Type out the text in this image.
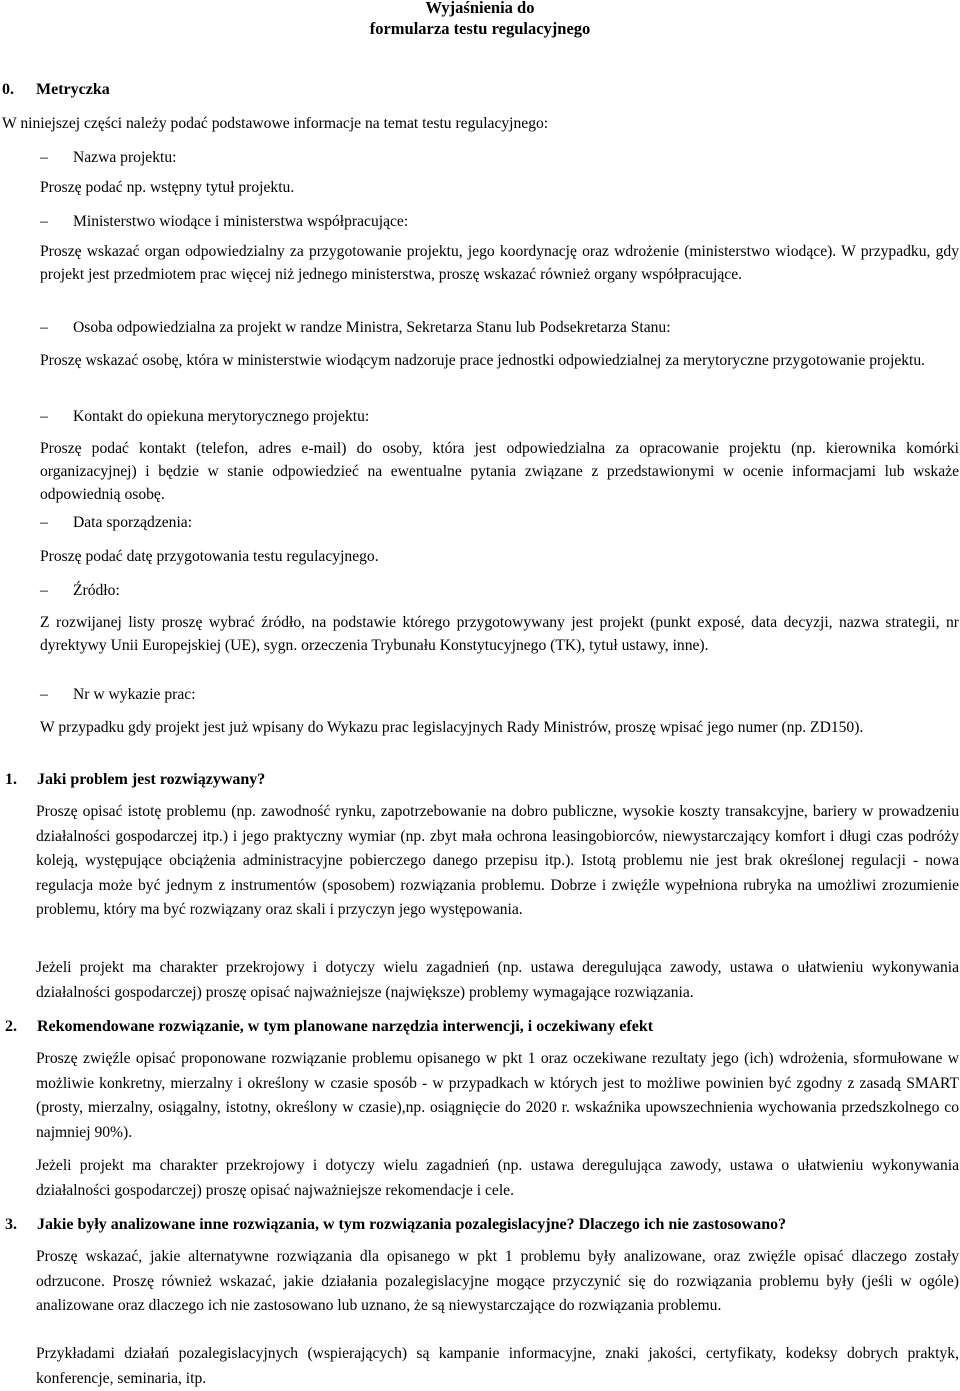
Wyjaśnienia do
formularza testu regulacyjnego
0. Metryczka

W niniejszej części należy podać podstawowe informacje na temat testu regulacyjnego:

– Nazwa projektu:

Proszę podać np. wstępny tytuł projektu.

– Ministerstwo wiodące i ministerstwa współpracujące:

Proszę wskazać organ odpowiedzialny za przygotowanie projektu, jego koordynację oraz wdrożenie (ministerstwo wiodące). W przypadku, gdy projekt jest przedmiotem prac więcej niż jednego ministerstwa, proszę wskazać również organy współpracujące.

– Osoba odpowiedzialna za projekt w randze Ministra, Sekretarza Stanu lub Podsekretarza Stanu:

Proszę wskazać osobę, która w ministerstwie wiodącym nadzoruje prace jednostki odpowiedzialnej za merytoryczne przygotowanie projektu.

– Kontakt do opiekuna merytorycznego projektu:

Proszę podać kontakt (telefon, adres e-mail) do osoby, która jest odpowiedzialna za opracowanie projektu (np. kierownika komórki organizacyjnej) i będzie w stanie odpowiedzieć na ewentualne pytania związane z przedstawionymi w ocenie informacjami lub wskaże odpowiednią osobę.

– Data sporządzenia:

Proszę podać datę przygotowania testu regulacyjnego.

– Źródło:

Z rozwijanej listy proszę wybrać źródło, na podstawie którego przygotowywany jest projekt (punkt exposé, data decyzji, nazwa strategii, nr dyrektywy Unii Europejskiej (UE), sygn. orzeczenia Trybunału Konstytucyjnego (TK), tytuł ustawy, inne).

– Nr w wykazie prac:

W przypadku gdy projekt jest już wpisany do Wykazu prac legislacyjnych Rady Ministrów, proszę wpisać jego numer (np. ZD150).

1. Jaki problem jest rozwiązywany?

Proszę opisać istotę problemu (np. zawodność rynku, zapotrzebowanie na dobro publiczne, wysokie koszty transakcyjne, bariery w prowadzeniu działalności gospodarczej itp.) i jego praktyczny wymiar (np. zbyt mała ochrona leasingobiorców, niewystarczający komfort i długi czas podróży koleją, występujące obciążenia administracyjne pobierczego danego przepisu itp.). Istotą problemu nie jest brak określonej regulacji - nowa regulacja może być jednym z instrumentów (sposobem) rozwiązania problemu. Dobrze i zwięźle wypełniona rubryka na umożliwi zrozumienie problemu, który ma być rozwiązany oraz skali i przyczyn jego występowania.

Jeżeli projekt ma charakter przekrojowy i dotyczy wielu zagadnień (np. ustawa deregulująca zawody, ustawa o ułatwieniu wykonywania działalności gospodarczej) proszę opisać najważniejsze (największe) problemy wymagające rozwiązania.

2. Rekomendowane rozwiązanie, w tym planowane narzędzia interwencji, i oczekiwany efekt

Proszę zwięźle opisać proponowane rozwiązanie problemu opisanego w pkt 1 oraz oczekiwane rezultaty jego (ich) wdrożenia, sformułowane w możliwie konkretny, mierzalny i określony w czasie sposób - w przypadkach w których jest to możliwe powinien być zgodny z zasadą SMART (prosty, mierzalny, osiągalny, istotny, określony w czasie),np. osiągnięcie do 2020 r. wskaźnika upowszechnienia wychowania przedszkolnego co najmniej 90%).

Jeżeli projekt ma charakter przekrojowy i dotyczy wielu zagadnień (np. ustawa deregulująca zawody, ustawa o ułatwieniu wykonywania działalności gospodarczej) proszę opisać najważniejsze rekomendacje i cele.

3. Jakie były analizowane inne rozwiązania, w tym rozwiązania pozalegislacyjne? Dlaczego ich nie zastosowano?

Proszę wskazać, jakie alternatywne rozwiązania dla opisanego w pkt 1 problemu były analizowane, oraz zwięźle opisać dlaczego zostały odrzucone. Proszę również wskazać, jakie działania pozalegislacyjne mogące przyczynić się do rozwiązania problemu były (jeśli w ogóle) analizowane oraz dlaczego ich nie zastosowano lub uznano, że są niewystarczające do rozwiązania problemu.

Przykładami działań pozalegislacyjnych (wspierających) są kampanie informacyjne, znaki jakości, certyfikaty, kodeksy dobrych praktyk, konferencje, seminaria, itp.
